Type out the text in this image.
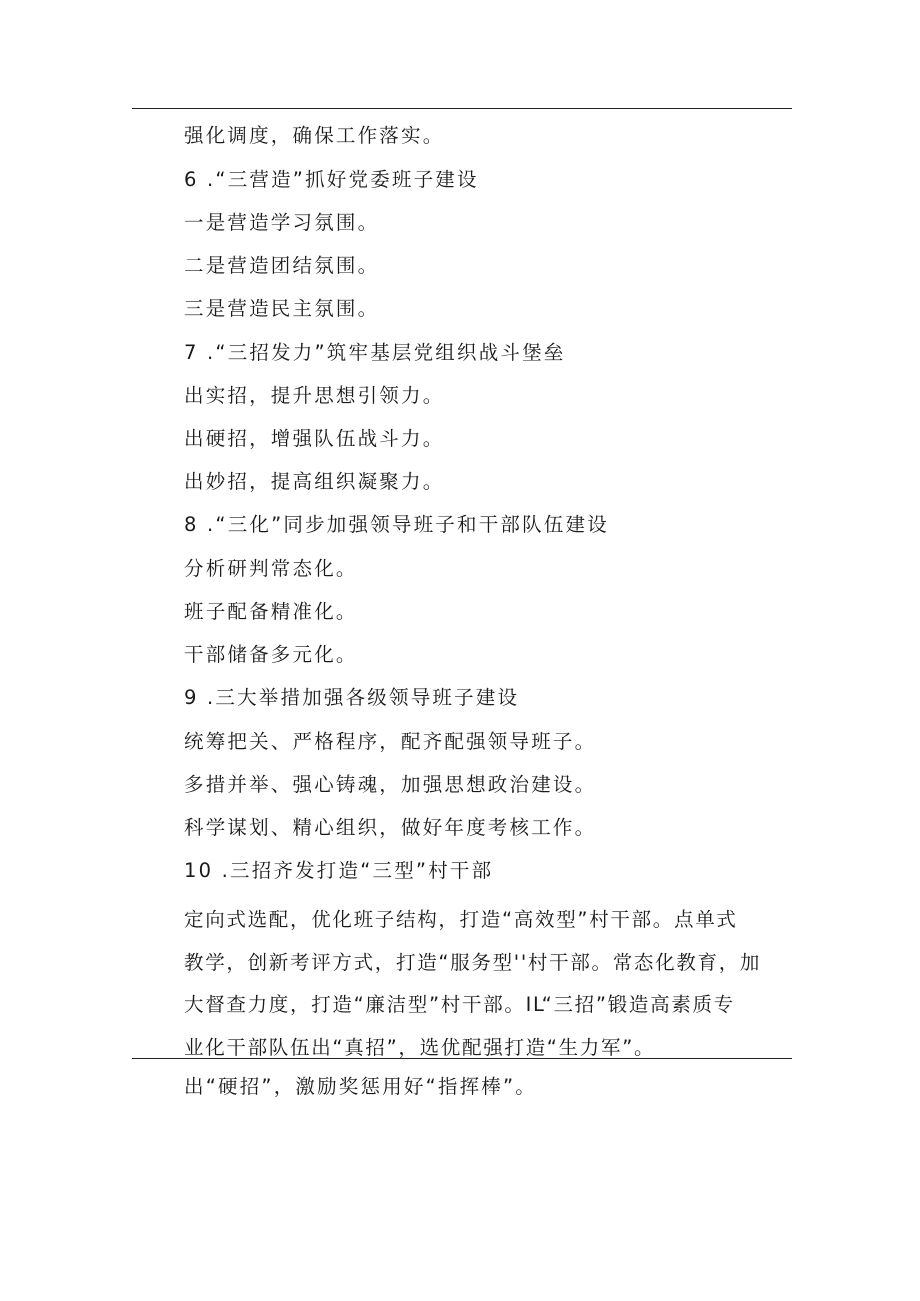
强化调度，确保工作落实。
6 .“三营造”抓好党委班子建设
一是营造学习氛围。
二是营造团结氛围。
三是营造民主氛围。
7 .“三招发力”筑牢基层党组织战斗堡垒
出实招，提升思想引领力。
出硬招，增强队伍战斗力。
出妙招，提高组织凝聚力。
8 .“三化”同步加强领导班子和干部队伍建设
分析研判常态化。
班子配备精准化。
干部储备多元化。
9 .三大举措加强各级领导班子建设
统筹把关、严格程序，配齐配强领导班子。
多措并举、强心铸魂，加强思想政治建设。
科学谋划、精心组织，做好年度考核工作。
10 .三招齐发打造“三型”村干部
定向式选配，优化班子结构，打造“高效型”村干部。点单式
教学，创新考评方式，打造“服务型''村干部。常态化教育，加
大督查力度，打造“廉洁型”村干部。IL“三招”锻造高素质专
业化干部队伍出“真招”，选优配强打造“生力军”。
出“硬招”，激励奖惩用好“指挥棒”。
